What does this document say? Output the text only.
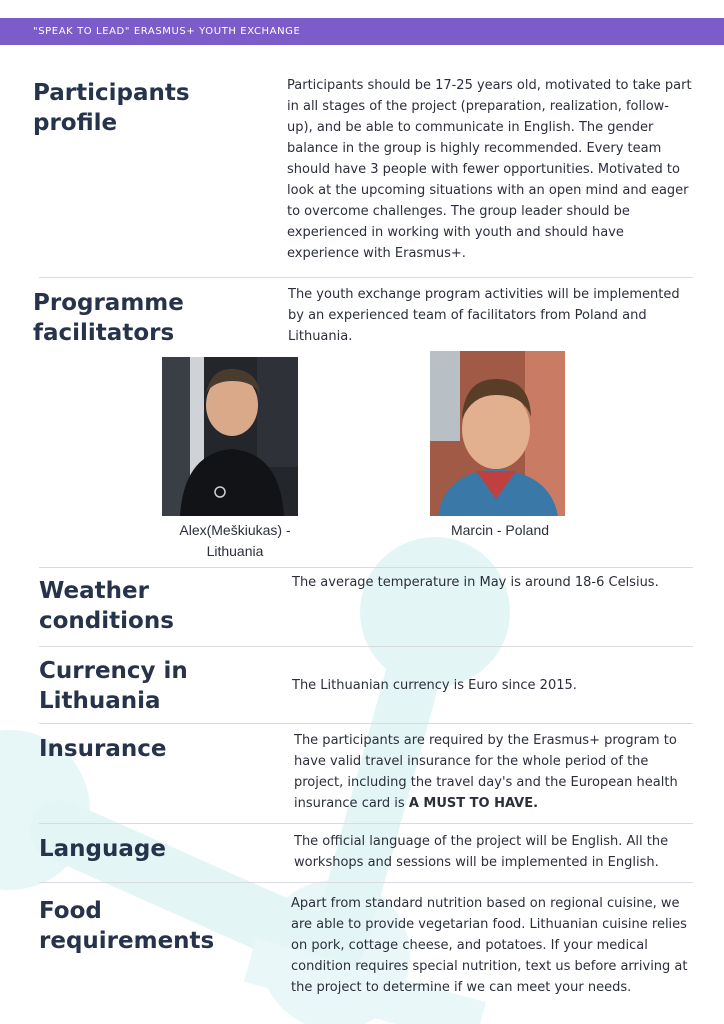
"SPEAK TO LEAD" ERASMUS+ YOUTH EXCHANGE
Participants
profile

Participants should be 17-25 years old, motivated to take part in all stages of the project (preparation, realization, follow-up), and be able to communicate in English. The gender balance in the group is highly recommended. Every team should have 3 people with fewer opportunities. Motivated to look at the upcoming situations with an open mind and eager to overcome challenges. The group leader should be experienced in working with youth and should have experience with Erasmus+.

Programme
facilitators

The youth exchange program activities will be implemented by an experienced team of facilitators from Poland and Lithuania.

Alex(Meškiukas) -
Lithuania
Marcin - Poland
Weather
conditions

The average temperature in May is around 18-6 Celsius.

Currency in
Lithuania

The Lithuanian currency is Euro since 2015.

Insurance	The participants are required by the Erasmus+ program to have valid travel insurance for the whole period of the project, including the travel day's and the European health insurance card is A MUST TO HAVE.

Language	The official language of the project will be English. All the workshops and sessions will be implemented in English.

Food
requirements

Apart from standard nutrition based on regional cuisine, we are able to provide vegetarian food. Lithuanian cuisine relies on pork, cottage cheese, and potatoes. If your medical condition requires special nutrition, text us before arriving at the project to determine if we can meet your needs.
